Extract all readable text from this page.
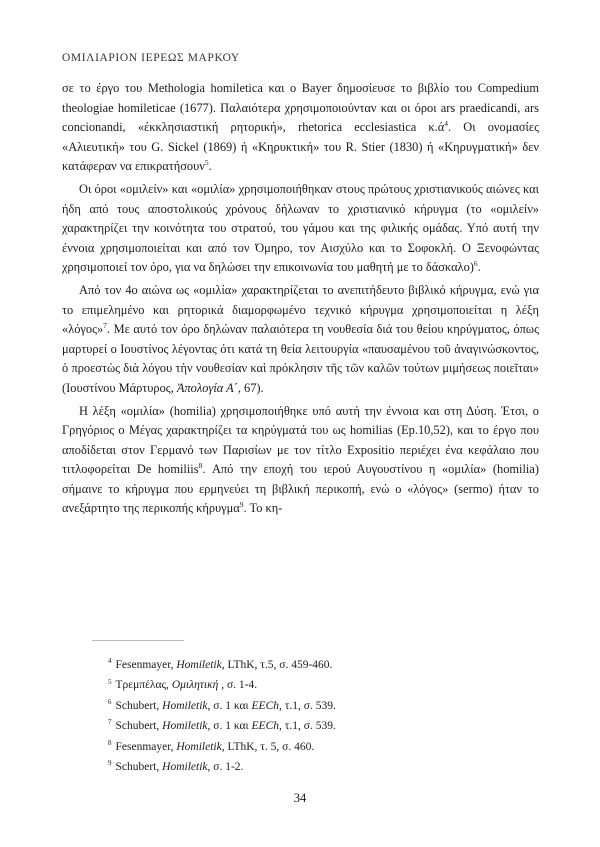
ΟΜΙΛΙΑΡΙΟΝ ΙΕΡΕΩΣ ΜΑΡΚΟΥ

σε το έργο του Methologia homiletica και ο Bayer δημοσίευσε το βιβλίο του Compedium theologiae homileticae (1677). Παλαιότερα χρησιμοποιούνταν και οι όροι ars praedicandi, ars concionandi, «έκκλησιαστική ρητορική», rhetorica ecclesiastica $\kappa.ά^4$. Οι ονομασίες «Αλιευτική» του G. Sickel (1869) ή «Κηρυκτική» του R. Stier (1830) ή «Κηρυγματική» δεν κατάφεραν να επικρατήσουν$^5$.

Οι όροι «ομιλείν» και «ομιλία» χρησιμοποιήθηκαν στους πρώτους χριστιανικούς αιώνες και ήδη από τους αποστολικούς χρόνους δήλωναν το χριστιανικό κήρυγμα (το «ομιλείν» χαρακτηρίζει την κοινότητα του στρατού, του γάμου και της φιλικής ομάδας. Υπό αυτή την έννοια χρησιμοποιείται και από τον Όμηρο, τον Αισχύλο και το Σοφοκλή. Ο Ξενοφώντας χρησιμοποιεί τον όρο, για να δηλώσει την επικοινωνία του μαθητή με το δάσκαλο)$^6$.

Από τον 4ο αιώνα ως «ομιλία» χαρακτηρίζεται το ανεπιτήδευτο βιβλικό κήρυγμα, ενώ για το επιμελημένο και ρητορικά διαμορφωμένο τεχνικό κήρυγμα χρησιμοποιείται η λέξη «λόγος»$^7$. Με αυτό τον όρο δηλώναν παλαιότερα τη νουθεσία διά του θείου κηρύγματος, όπως μαρτυρεί ο Ιουστίνος λέγοντας ότι κατά τη θεία λειτουργία «παυσαμένου τοῦ ἀναγινώσκοντος, ὁ προεστὼς διὰ λόγου τὴν νουθεσίαν καὶ πρόκλησιν τῆς τῶν καλῶν τούτων μιμήσεως ποιεῖται» (Ιουστίνου Μάρτυρος, Ἀπολογία Α΄, 67).

Η λέξη «ομιλία» (homilia) χρησιμοποιήθηκε υπό αυτή την έννοια και στη Δύση. Έτσι, ο Γρηγόριος ο Μέγας χαρακτηρίζει τα κηρύγματά του ως homilias (Ep.10,52), και το έργο που αποδίδεται στον Γερμανό των Παρισίων με τον τίτλο Expositio περιέχει ένα κεφάλαιο που τιτλοφορείται De homiliis$^8$. Από την εποχή του ιερού Αυγουστίνου η «ομιλία» (homilia) σήμαινε το κήρυγμα που ερμηνεύει τη βιβλική περικοπή, ενώ ο «λόγος» (sermo) ήταν το ανεξάρτητο της περικοπής κήρυγμα$^9$. Το κη-

$^4$ Fesenmayer, Homiletik, LThK, τ.5, σ. 459-460.

$^5$ Τρεμπέλας, Ομιλητική , σ. 1-4.

$^6$ Schubert, Homiletik, σ. 1 και EECh, τ.1, σ. 539.

$^7$ Schubert, Homiletik, σ. 1 και EECh, τ.1, σ. 539.

$^8$ Fesenmayer, Homiletik, LThK, τ. 5, σ. 460.

$^9$ Schubert, Homiletik, σ. 1-2.

34
